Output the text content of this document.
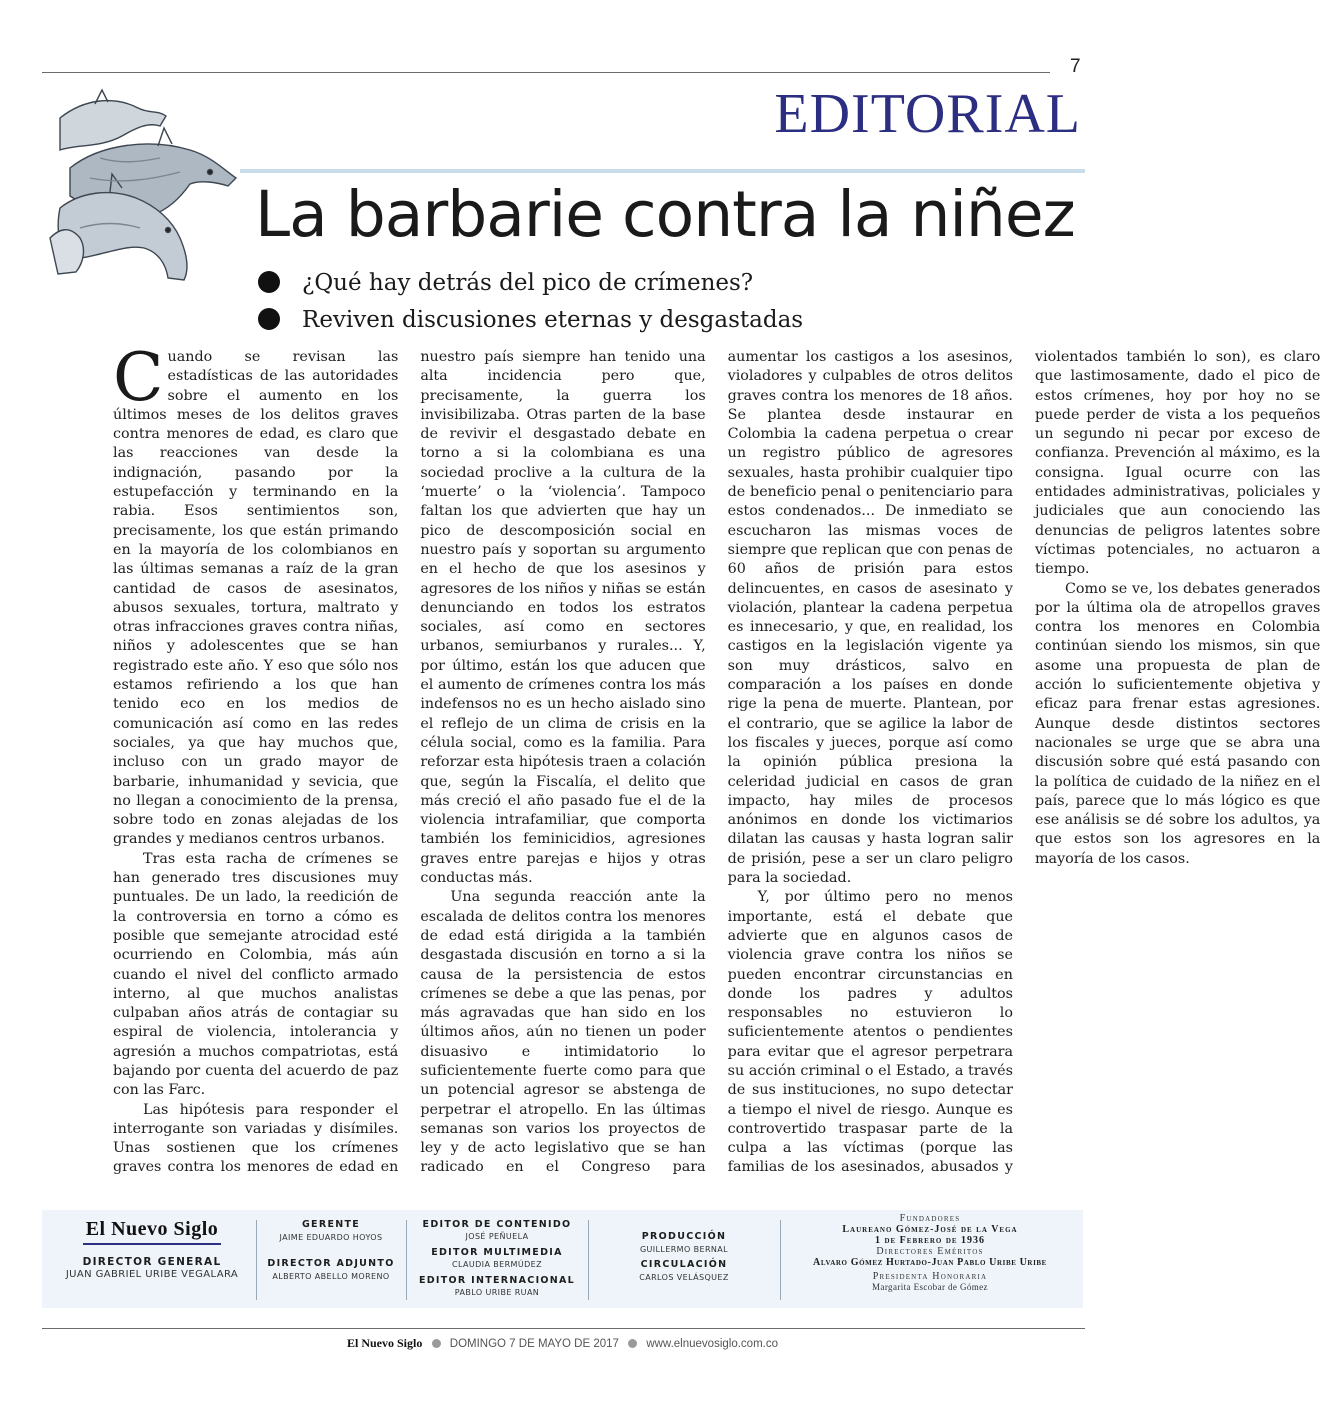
7
EDITORIAL
La barbarie contra la niñez
¿Qué hay detrás del pico de crímenes?
Reviven discusiones eternas y desgastadas

Cuando se revisan las estadísticas de las autoridades sobre el aumento en los últimos meses de los delitos graves contra menores de edad, es claro que las reacciones van desde la indignación, pasando por la estupefacción y terminando en la rabia. Esos sentimientos son, precisamente, los que están primando en la mayoría de los colombianos en las últimas semanas a raíz de la gran cantidad de casos de asesinatos, abusos sexuales, tortura, maltrato y otras infracciones graves contra niñas, niños y adolescentes que se han registrado este año. Y eso que sólo nos estamos refiriendo a los que han tenido eco en los medios de comunicación así como en las redes sociales, ya que hay muchos que, incluso con un grado mayor de barbarie, inhumanidad y sevicia, que no llegan a conocimiento de la prensa, sobre todo en zonas alejadas de los grandes y medianos centros urbanos.

Tras esta racha de crímenes se han generado tres discusiones muy puntuales. De un lado, la reedición de la controversia en torno a cómo es posible que semejante atrocidad esté ocurriendo en Colombia, más aún cuando el nivel del conflicto armado interno, al que muchos analistas culpaban años atrás de contagiar su espiral de violencia, intolerancia y agresión a muchos compatriotas, está bajando por cuenta del acuerdo de paz con las Farc.

Las hipótesis para responder el interrogante son variadas y disímiles. Unas sostienen que los crímenes graves contra los menores de edad en nuestro país siempre han tenido una alta incidencia pero que, precisamente, la guerra los invisibilizaba. Otras parten de la base de revivir el desgastado debate en torno a si la colombiana es una sociedad proclive a la cultura de la ‘muerte’ o la ‘violencia’. Tampoco faltan los que advierten que hay un pico de descomposición social en nuestro país y soportan su argumento en el hecho de que los asesinos y agresores de los niños y niñas se están denunciando en todos los estratos sociales, así como en sectores urbanos, semiurbanos y rurales... Y, por último, están los que aducen que el aumento de crímenes contra los más indefensos no es un hecho aislado sino el reflejo de un clima de crisis en la célula social, como es la familia. Para reforzar esta hipótesis traen a colación que, según la Fiscalía, el delito que más creció el año pasado fue el de la violencia intrafamiliar, que comporta también los feminicidios, agresiones graves entre parejas e hijos y otras conductas más.

Una segunda reacción ante la escalada de delitos contra los menores de edad está dirigida a la también desgastada discusión en torno a si la causa de la persistencia de estos crímenes se debe a que las penas, por más agravadas que han sido en los últimos años, aún no tienen un poder disuasivo e intimidatorio lo suficientemente fuerte como para que un potencial agresor se abstenga de perpetrar el atropello. En las últimas semanas son varios los proyectos de ley y de acto legislativo que se han radicado en el Congreso para aumentar los castigos a los asesinos, violadores y culpables de otros delitos graves contra los menores de 18 años. Se plantea desde instaurar en Colombia la cadena perpetua o crear un registro público de agresores sexuales, hasta prohibir cualquier tipo de beneficio penal o penitenciario para estos condenados... De inmediato se escucharon las mismas voces de siempre que replican que con penas de 60 años de prisión para estos delincuentes, en casos de asesinato y violación, plantear la cadena perpetua es innecesario, y que, en realidad, los castigos en la legislación vigente ya son muy drásticos, salvo en comparación a los países en donde rige la pena de muerte. Plantean, por el contrario, que se agilice la labor de los fiscales y jueces, porque así como la opinión pública presiona la celeridad judicial en casos de gran impacto, hay miles de procesos anónimos en donde los victimarios dilatan las causas y hasta logran salir de prisión, pese a ser un claro peligro para la sociedad.

Y, por último pero no menos importante, está el debate que advierte que en algunos casos de violencia grave contra los niños se pueden encontrar circunstancias en donde los padres y adultos responsables no estuvieron lo suficientemente atentos o pendientes para evitar que el agresor perpetrara su acción criminal o el Estado, a través de sus instituciones, no supo detectar a tiempo el nivel de riesgo. Aunque es controvertido traspasar parte de la culpa a las víctimas (porque las familias de los asesinados, abusados y violentados también lo son), es claro que lastimosamente, dado el pico de estos crímenes, hoy por hoy no se puede perder de vista a los pequeños un segundo ni pecar por exceso de confianza. Prevención al máximo, es la consigna. Igual ocurre con las entidades administrativas, policiales y judiciales que aun conociendo las denuncias de peligros latentes sobre víctimas potenciales, no actuaron a tiempo.

Como se ve, los debates generados por la última ola de atropellos graves contra los menores en Colombia continúan siendo los mismos, sin que asome una propuesta de plan de acción lo suficientemente objetiva y eficaz para frenar estas agresiones. Aunque desde distintos sectores nacionales se urge que se abra una discusión sobre qué está pasando con la política de cuidado de la niñez en el país, parece que lo más lógico es que ese análisis se dé sobre los adultos, ya que estos son los agresores en la mayoría de los casos.

El Nuevo Siglo
DIRECTOR GENERAL
JUAN GABRIEL URIBE VEGALARA
GERENTE
JAIME EDUARDO HOYOS
DIRECTOR ADJUNTO
ALBERTO ABELLO MORENO
EDITOR DE CONTENIDO
JOSÉ PEÑUELA
EDITOR MULTIMEDIA
CLAUDIA BERMÚDEZ
EDITOR INTERNACIONAL
PABLO URIBE RUAN
PRODUCCIÓN
GUILLERMO BERNAL
CIRCULACIÓN
CARLOS VELÁSQUEZ
Fundadores
Laureano Gómez-José de la Vega
1 de Febrero de 1936
Directores Eméritos
Alvaro Gómez Hurtado-Juan Pablo Uribe Uribe
Presidenta Honoraria
Margarita Escobar de Gómez
El Nuevo Siglo DOMINGO 7 DE MAYO DE 2017 www.elnuevosiglo.com.co
